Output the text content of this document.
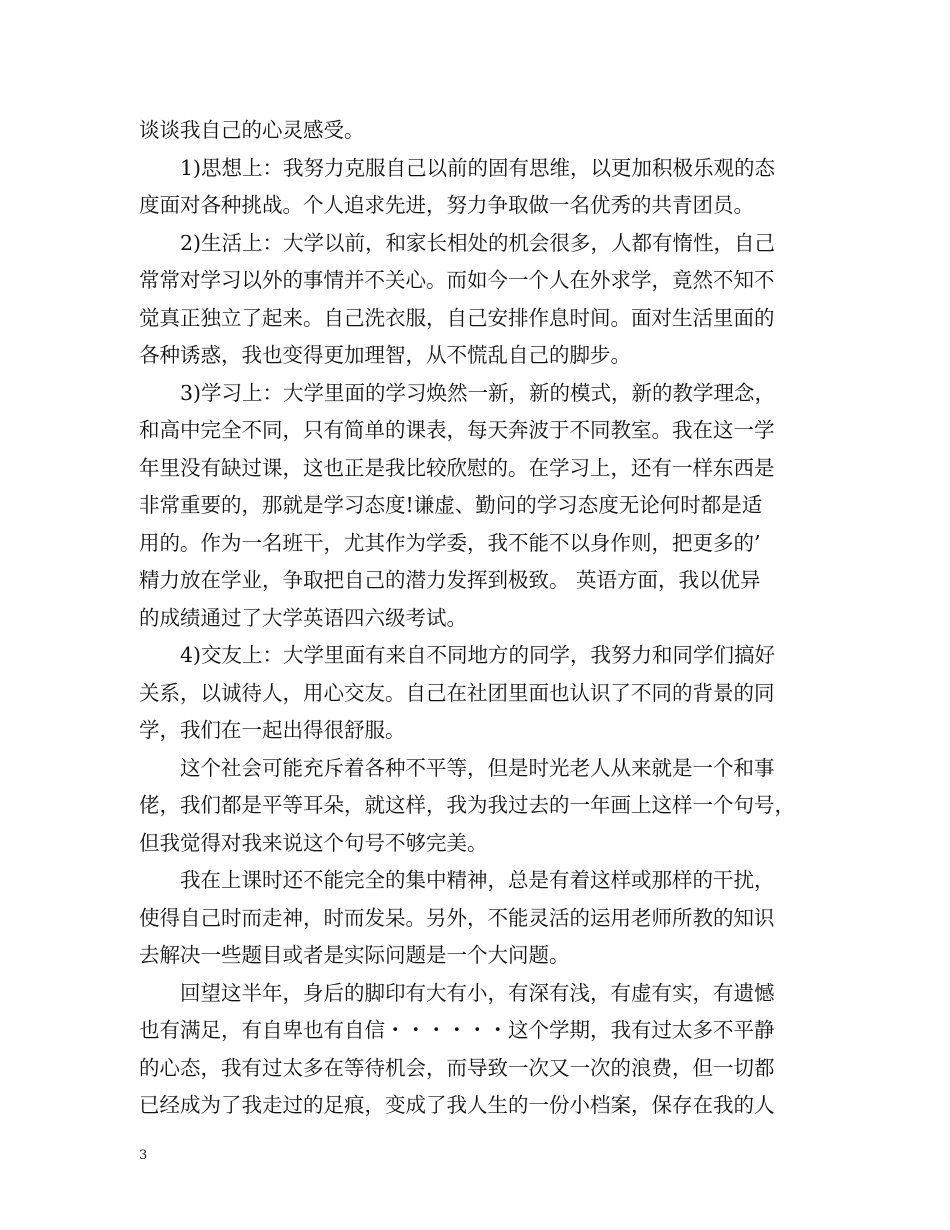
谈谈我自己的心灵感受。
1)思想上：我努力克服自己以前的固有思维，以更加积极乐观的态
度面对各种挑战。个人追求先进，努力争取做一名优秀的共青团员。
2)生活上：大学以前，和家长相处的机会很多，人都有惰性，自己
常常对学习以外的事情并不关心。而如今一个人在外求学，竟然不知不
觉真正独立了起来。自己洗衣服，自己安排作息时间。面对生活里面的
各种诱惑，我也变得更加理智，从不慌乱自己的脚步。
3)学习上：大学里面的学习焕然一新，新的模式，新的教学理念，
和高中完全不同，只有简单的课表，每天奔波于不同教室。我在这一学
年里没有缺过课，这也正是我比较欣慰的。在学习上，还有一样东西是
非常重要的，那就是学习态度!谦虚、勤问的学习态度无论何时都是适
用的。作为一名班干，尤其作为学委，我不能不以身作则，把更多的’
精力放在学业，争取把自己的潜力发挥到极致。 英语方面，我以优异
的成绩通过了大学英语四六级考试。
4)交友上：大学里面有来自不同地方的同学，我努力和同学们搞好
关系，以诚待人，用心交友。自己在社团里面也认识了不同的背景的同
学，我们在一起出得很舒服。
这个社会可能充斥着各种不平等，但是时光老人从来就是一个和事
佬，我们都是平等耳朵，就这样，我为我过去的一年画上这样一个句号，
但我觉得对我来说这个句号不够完美。
我在上课时还不能完全的集中精神，总是有着这样或那样的干扰，
使得自己时而走神，时而发呆。另外，不能灵活的运用老师所教的知识
去解决一些题目或者是实际问题是一个大问题。
回望这半年，身后的脚印有大有小，有深有浅，有虚有实，有遗憾
也有满足，有自卑也有自信・・・・・・这个学期，我有过太多不平静
的心态，我有过太多在等待机会，而导致一次又一次的浪费，但一切都
已经成为了我走过的足痕，变成了我人生的一份小档案，保存在我的人
3
